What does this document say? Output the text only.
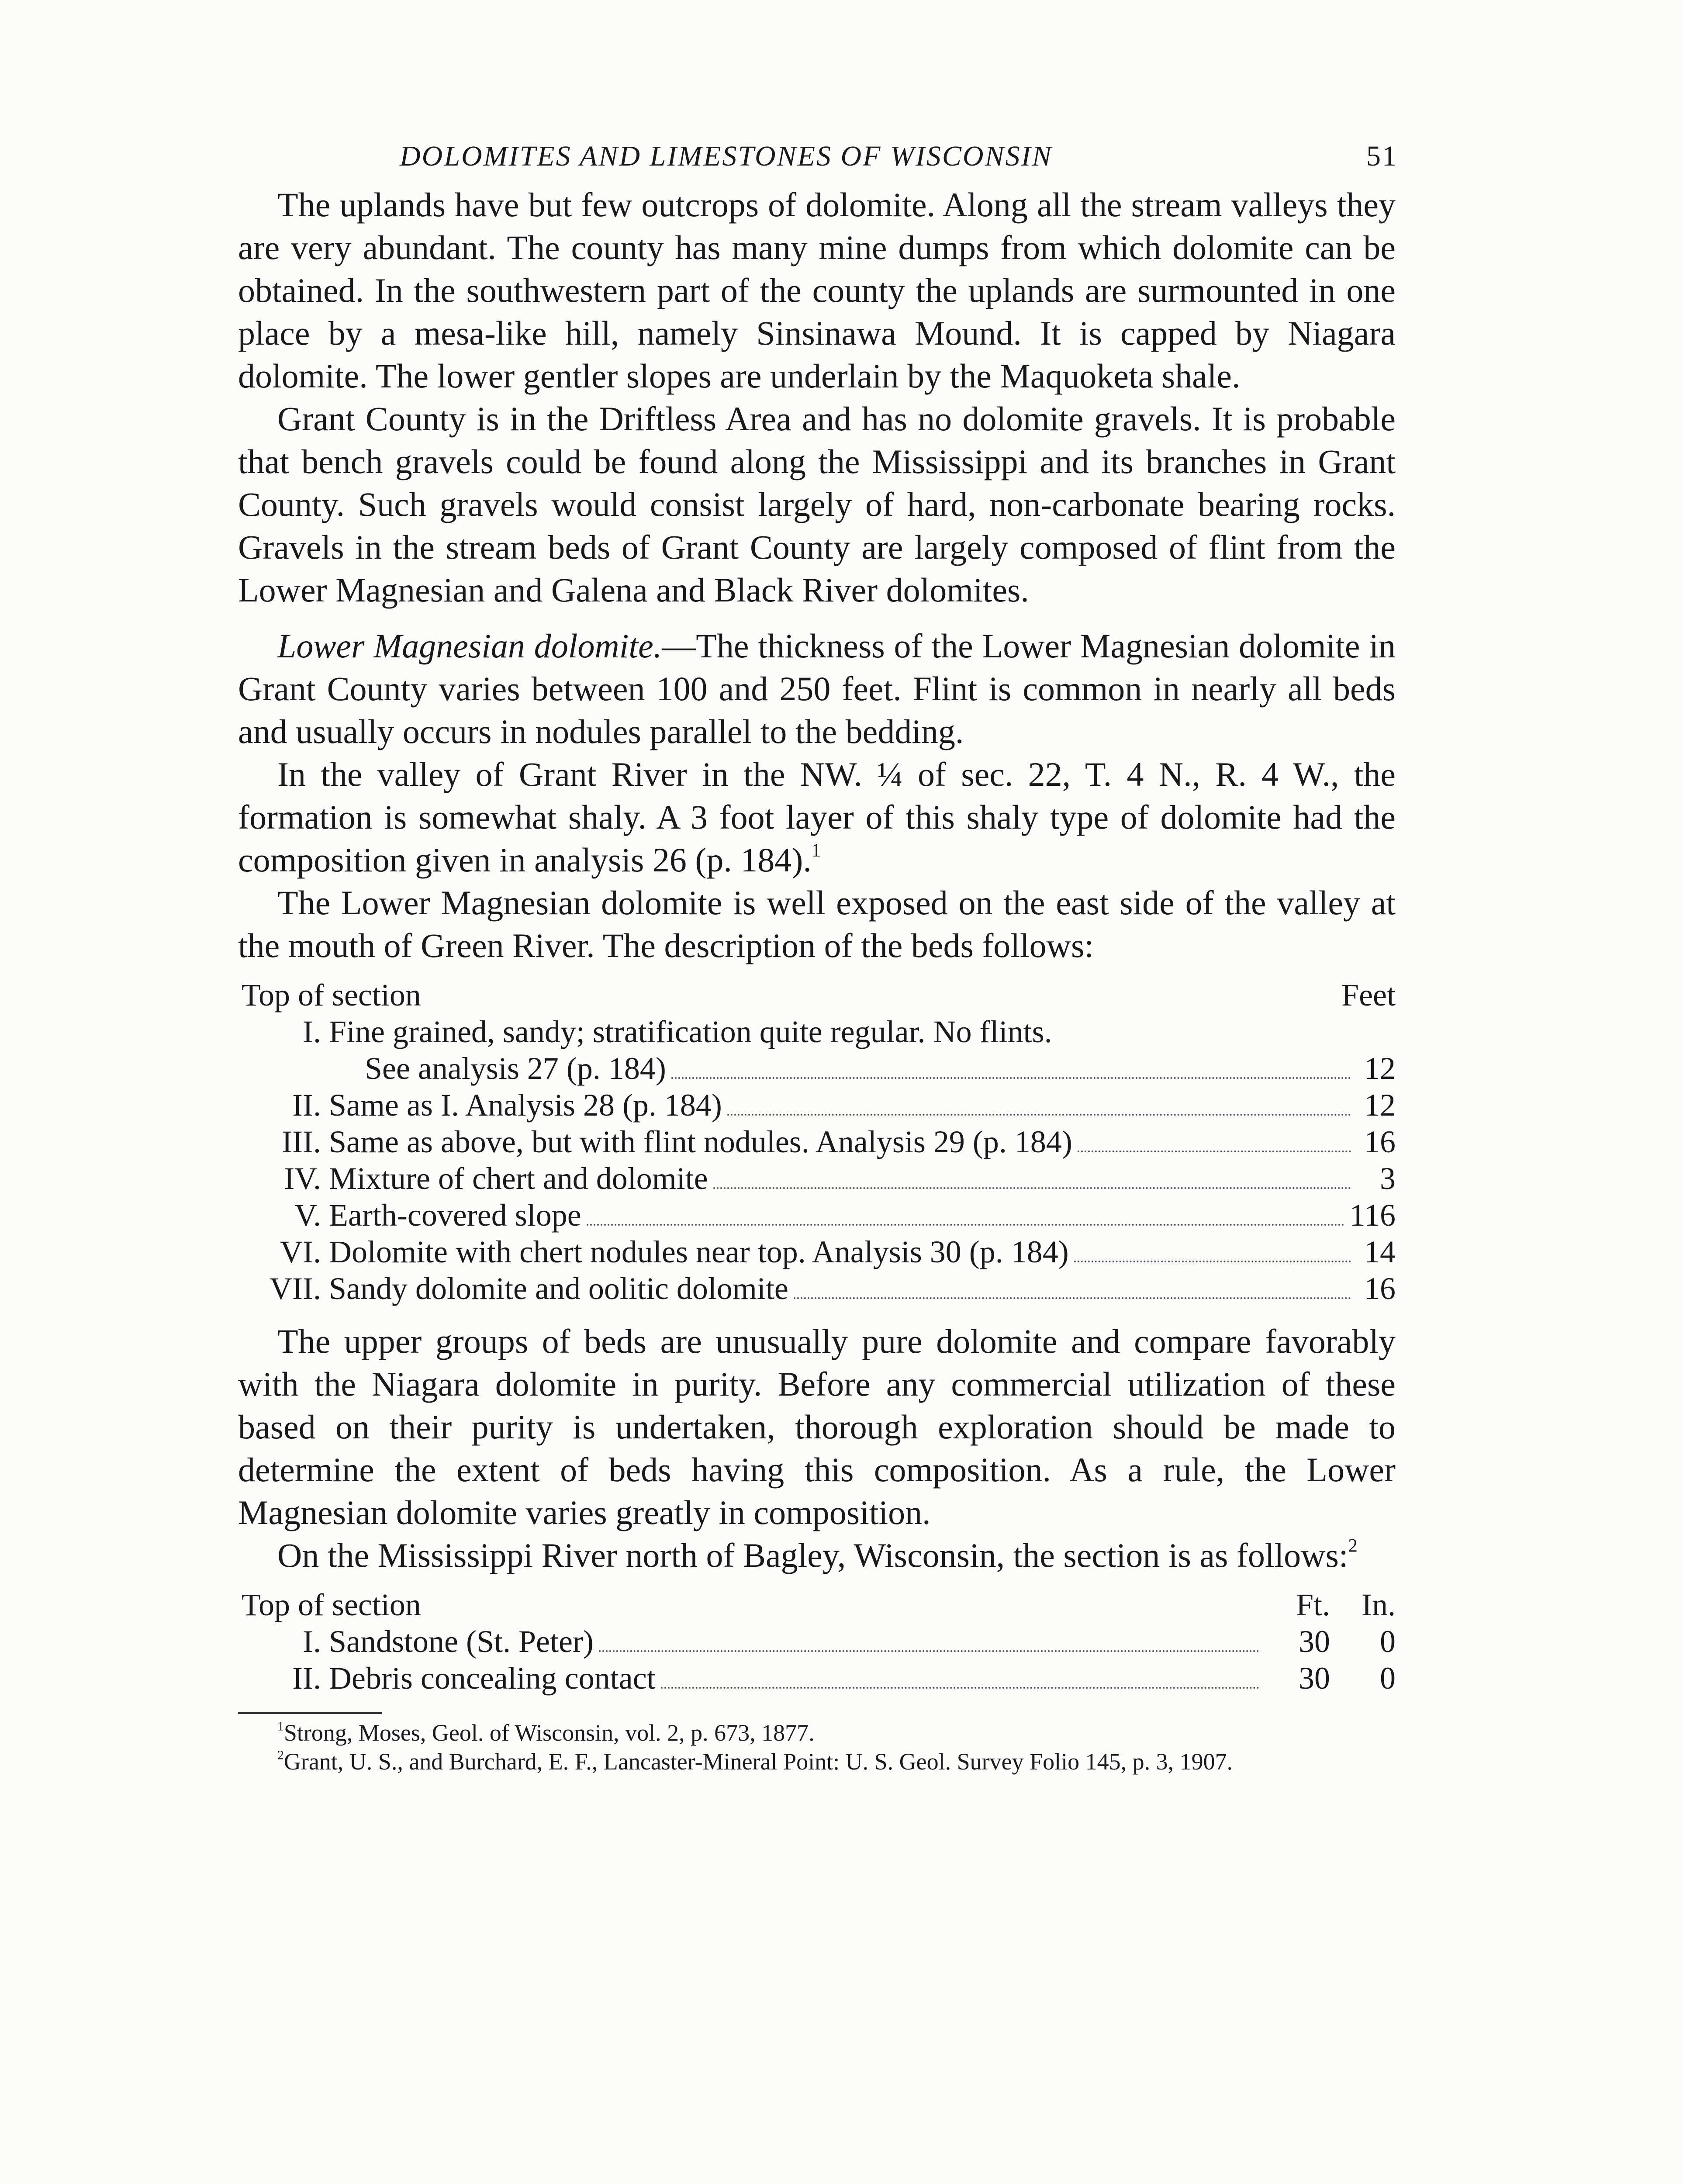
DOLOMITES AND LIMESTONES OF WISCONSIN	51

The uplands have but few outcrops of dolomite. Along all the stream valleys they are very abundant. The county has many mine dumps from which dolomite can be obtained. In the southwestern part of the county the uplands are surmounted in one place by a mesa-like hill, namely Sinsinawa Mound. It is capped by Niagara dolomite. The lower gentler slopes are underlain by the Maquoketa shale.

Grant County is in the Driftless Area and has no dolomite gravels. It is probable that bench gravels could be found along the Mississippi and its branches in Grant County. Such gravels would consist largely of hard, non-carbonate bearing rocks. Gravels in the stream beds of Grant County are largely composed of flint from the Lower Magnesian and Galena and Black River dolomites.

Lower Magnesian dolomite.—The thickness of the Lower Magnesian dolomite in Grant County varies between 100 and 250 feet. Flint is common in nearly all beds and usually occurs in nodules parallel to the bedding.

In the valley of Grant River in the NW. ¼ of sec. 22, T. 4 N., R. 4 W., the formation is somewhat shaly. A 3 foot layer of this shaly type of dolomite had the composition given in analysis 26 (p. 184).$^1$

The Lower Magnesian dolomite is well exposed on the east side of the valley at the mouth of Green River. The description of the beds follows:

Top of section	Feet
I. Fine grained, sandy; stratification quite regular. No flints.
See analysis 27 (p. 184)	12
II. Same as I. Analysis 28 (p. 184)	12
III. Same as above, but with flint nodules. Analysis 29 (p. 184)	16
IV. Mixture of chert and dolomite	3
V. Earth-covered slope	116
VI. Dolomite with chert nodules near top. Analysis 30 (p. 184)	14
VII. Sandy dolomite and oolitic dolomite	16

The upper groups of beds are unusually pure dolomite and compare favorably with the Niagara dolomite in purity. Before any commercial utilization of these based on their purity is undertaken, thorough exploration should be made to determine the extent of beds having this composition. As a rule, the Lower Magnesian dolomite varies greatly in composition.

On the Mississippi River north of Bagley, Wisconsin, the section is as follows:$^2$

Top of section	Ft.	In.
I. Sandstone (St. Peter)	30	0
II. Debris concealing contact	30	0

$^1$Strong, Moses, Geol. of Wisconsin, vol. 2, p. 673, 1877.

$^2$Grant, U. S., and Burchard, E. F., Lancaster-Mineral Point: U. S. Geol. Survey Folio 145, p. 3, 1907.
